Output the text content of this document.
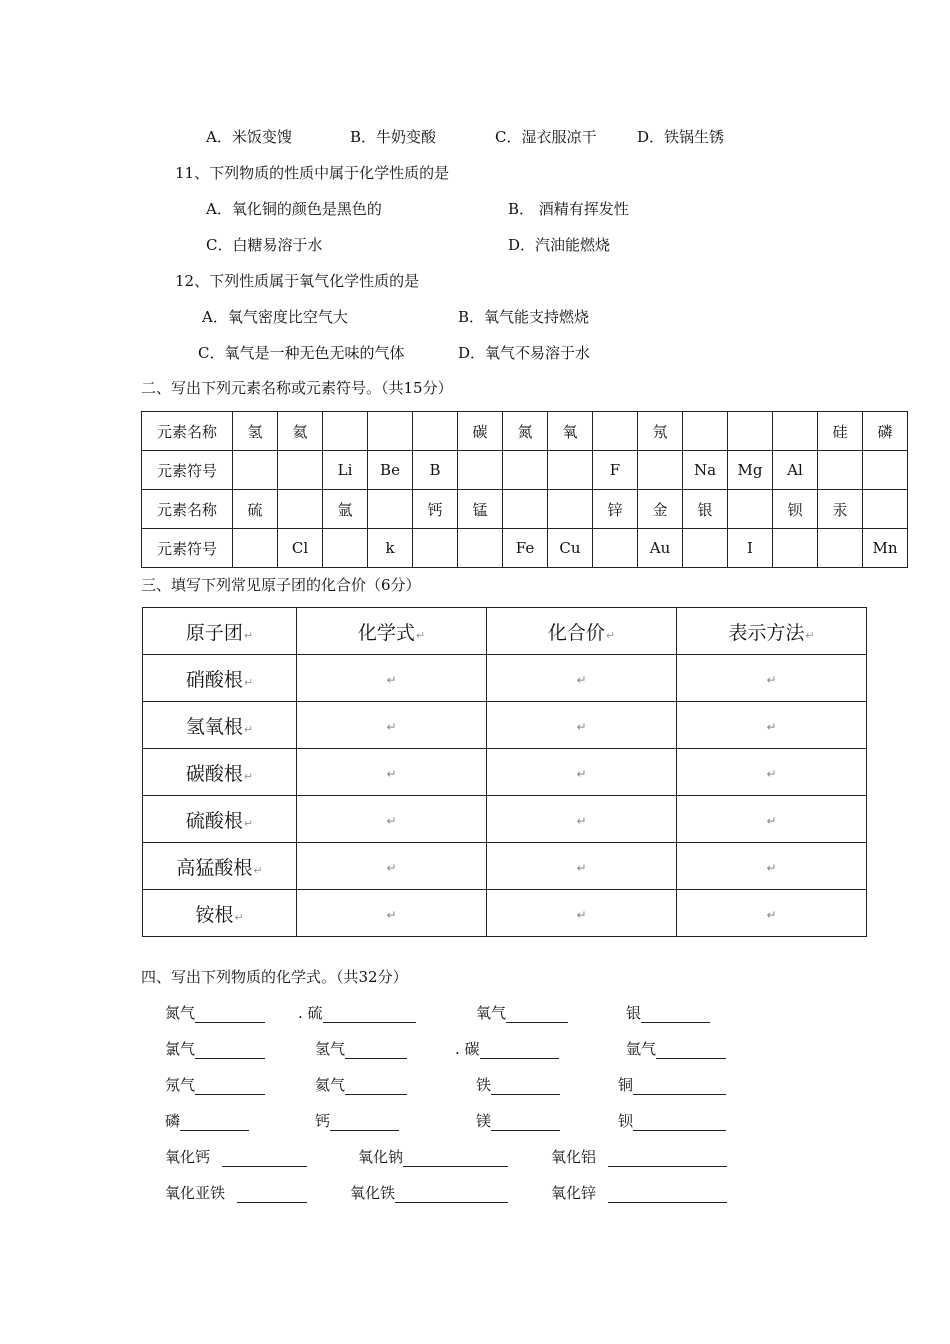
A．米饭变馊	B．牛奶变酸	C．湿衣服凉干	D．铁锅生锈
11、下列物质的性质中属于化学性质的是
A．氧化铜的颜色是黑色的	B． 酒精有挥发性
C．白糖易溶于水	D．汽油能燃烧
12、下列性质属于氧气化学性质的是
A．氧气密度比空气大	B．氧气能支持燃烧
C．氧气是一种无色无味的气体	D．氧气不易溶于水
二、写出下列元素名称或元素符号。（共15分）
元素名称	氢	氦				碳	氮	氧		氖				硅	磷
元素符号			Li	Be	B				F		Na	Mg	Al		
元素名称	硫		氩		钙	锰			锌	金	银		钡	汞	
元素符号		Cl		k			Fe	Cu		Au		I			Mn
三、填写下列常见原子团的化合价（6分）
原子团↵	化学式↵	化合价↵	表示方法↵
硝酸根↵	↵	↵	↵
氢氧根↵	↵	↵	↵
碳酸根↵	↵	↵	↵
硫酸根↵	↵	↵	↵
高猛酸根↵	↵	↵	↵
铵根↵	↵	↵	↵
四、写出下列物质的化学式。（共32分）
氮气	. 硫	氧气	银
氯气	氢气	. 碳	氩气
氖气	氦气	铁	铜
磷	钙	镁	钡
氧化钙	氧化钠	氧化铝
氧化亚铁	氧化铁	氧化锌
